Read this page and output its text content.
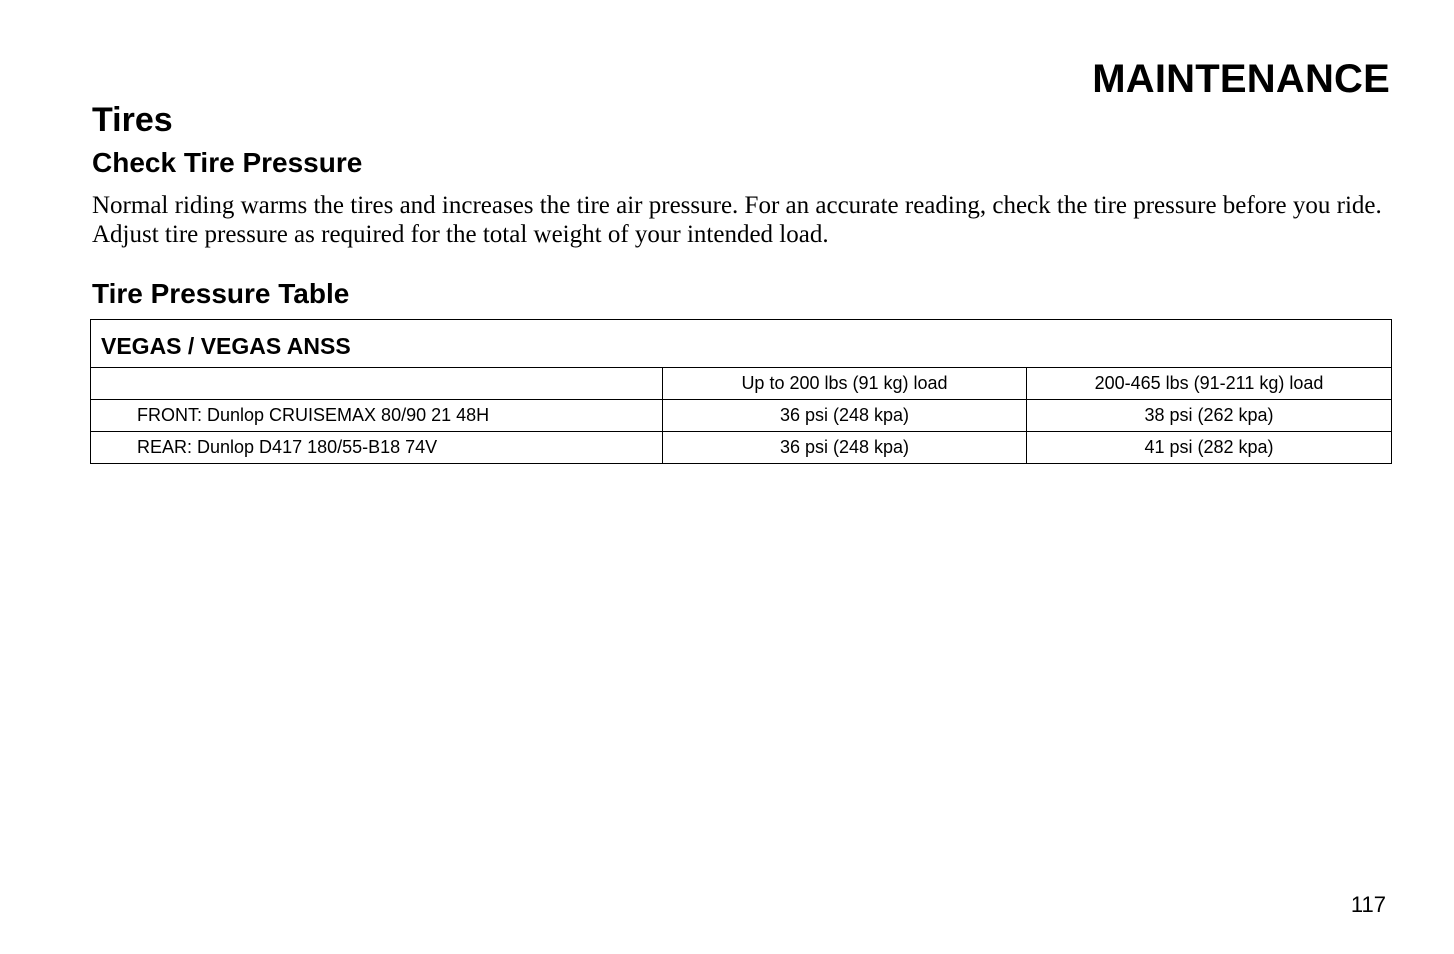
MAINTENANCE
Tires
Check Tire Pressure

Normal riding warms the tires and increases the tire air pressure. For an accurate reading, check the tire pressure before you ride. Adjust tire pressure as required for the total weight of your intended load.

Tire Pressure Table
VEGAS / VEGAS ANSS		
	Up to 200 lbs (91 kg) load	200-465 lbs (91-211 kg) load
FRONT: Dunlop CRUISEMAX 80/90 21 48H	36 psi (248 kpa)	38 psi (262 kpa)
REAR: Dunlop D417 180/55-B18 74V	36 psi (248 kpa)	41 psi (282 kpa)
117
